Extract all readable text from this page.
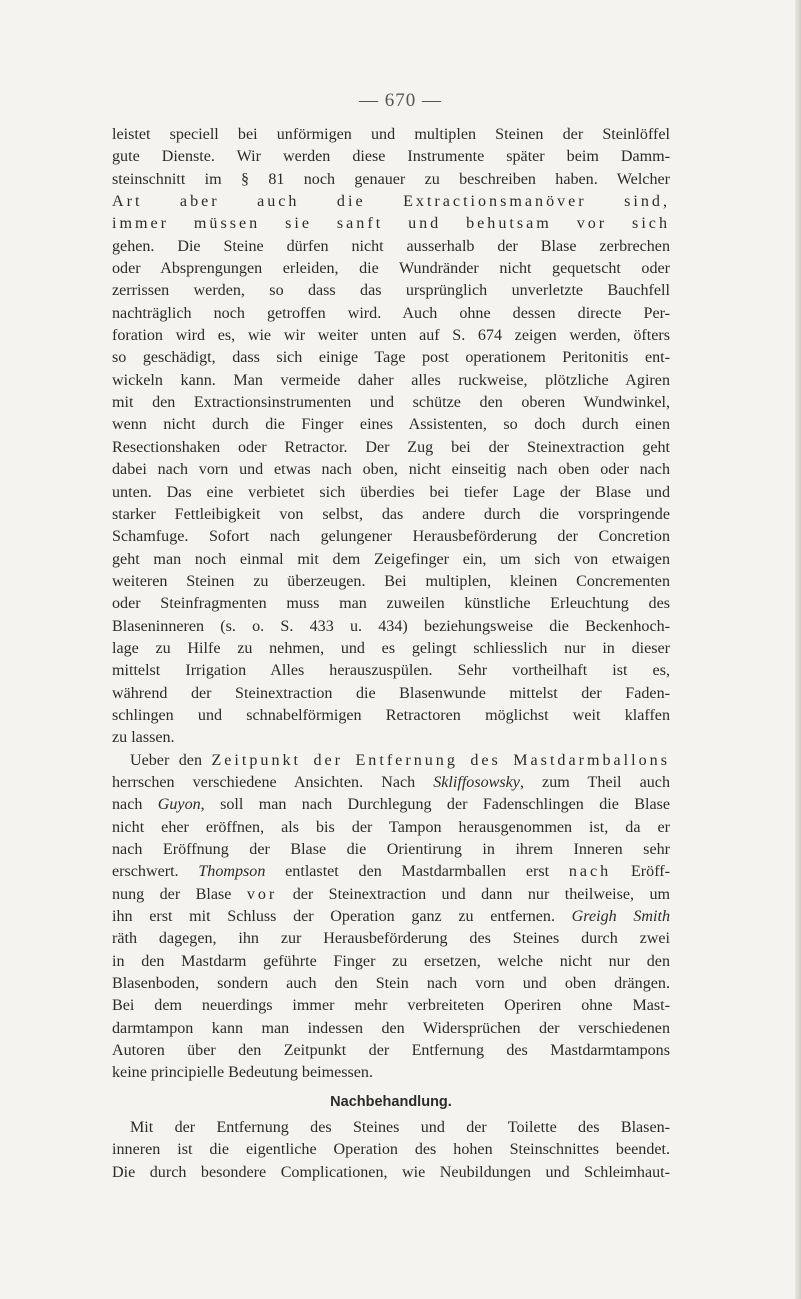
— 670 —
leistet speciell bei unförmigen und multiplen Steinen der Steinlöffel
gute Dienste. Wir werden diese Instrumente später beim Damm-
steinschnitt im § 81 noch genauer zu beschreiben haben. Welcher
Art aber auch die Extractionsmanöver sind,
immer müssen sie sanft und behutsam vor sich
gehen. Die Steine dürfen nicht ausserhalb der Blase zerbrechen
oder Absprengungen erleiden, die Wundränder nicht gequetscht oder
zerrissen werden, so dass das ursprünglich unverletzte Bauchfell
nachträglich noch getroffen wird. Auch ohne dessen directe Per-
foration wird es, wie wir weiter unten auf S. 674 zeigen werden, öfters
so geschädigt, dass sich einige Tage post operationem Peritonitis ent-
wickeln kann. Man vermeide daher alles ruckweise, plötzliche Agiren
mit den Extractionsinstrumenten und schütze den oberen Wundwinkel,
wenn nicht durch die Finger eines Assistenten, so doch durch einen
Resectionshaken oder Retractor. Der Zug bei der Steinextraction geht
dabei nach vorn und etwas nach oben, nicht einseitig nach oben oder nach
unten. Das eine verbietet sich überdies bei tiefer Lage der Blase und
starker Fettleibigkeit von selbst, das andere durch die vorspringende
Schamfuge. Sofort nach gelungener Herausbeförderung der Concretion
geht man noch einmal mit dem Zeigefinger ein, um sich von etwaigen
weiteren Steinen zu überzeugen. Bei multiplen, kleinen Concrementen
oder Steinfragmenten muss man zuweilen künstliche Erleuchtung des
Blaseninneren (s. o. S. 433 u. 434) beziehungsweise die Beckenhoch-
lage zu Hilfe zu nehmen, und es gelingt schliesslich nur in dieser
mittelst Irrigation Alles herauszuspülen. Sehr vortheilhaft ist es,
während der Steinextraction die Blasenwunde mittelst der Faden-
schlingen und schnabelförmigen Retractoren möglichst weit klaffen
zu lassen.
Ueber den Zeitpunkt der Entfernung des Mastdarmballons
herrschen verschiedene Ansichten. Nach Skliffosowsky, zum Theil auch
nach Guyon, soll man nach Durchlegung der Fadenschlingen die Blase
nicht eher eröffnen, als bis der Tampon herausgenommen ist, da er
nach Eröffnung der Blase die Orientirung in ihrem Inneren sehr
erschwert. Thompson entlastet den Mastdarmballen erst nach Eröff-
nung der Blase vor der Steinextraction und dann nur theilweise, um
ihn erst mit Schluss der Operation ganz zu entfernen. Greigh Smith
räth dagegen, ihn zur Herausbeförderung des Steines durch zwei
in den Mastdarm geführte Finger zu ersetzen, welche nicht nur den
Blasenboden, sondern auch den Stein nach vorn und oben drängen.
Bei dem neuerdings immer mehr verbreiteten Operiren ohne Mast-
darmtampon kann man indessen den Widersprüchen der verschiedenen
Autoren über den Zeitpunkt der Entfernung des Mastdarmtampons
keine principielle Bedeutung beimessen.
Nachbehandlung.
Mit der Entfernung des Steines und der Toilette des Blasen-
inneren ist die eigentliche Operation des hohen Steinschnittes beendet.
Die durch besondere Complicationen, wie Neubildungen und Schleimhaut-
